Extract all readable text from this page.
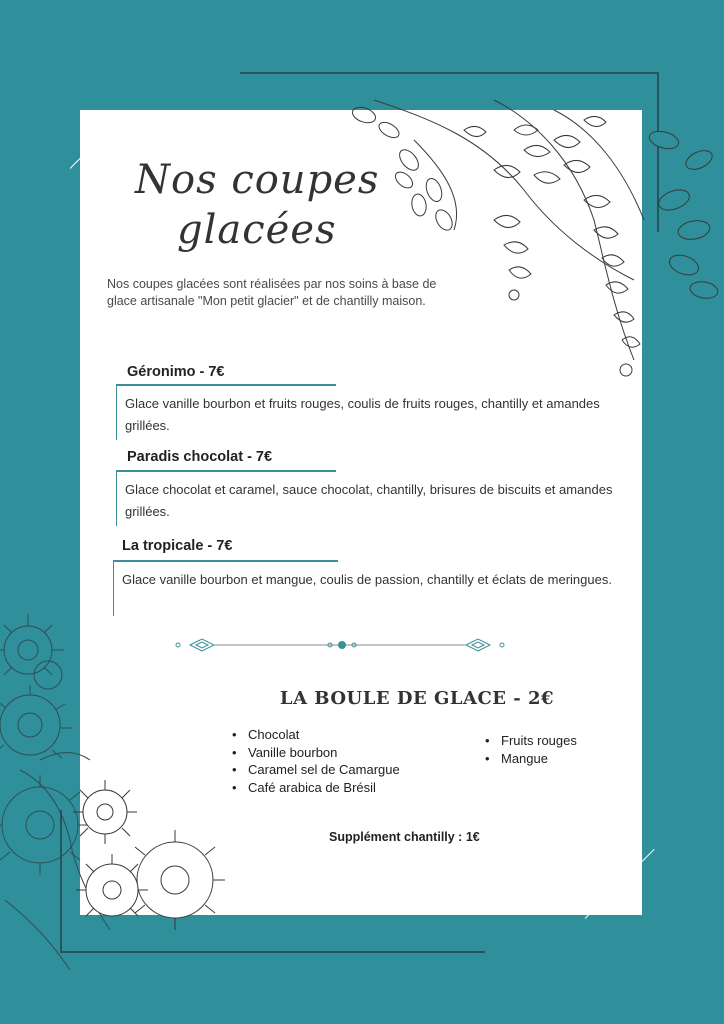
Nos coupes
glacées
Nos coupes glacées sont réalisées par nos soins à base de glace artisanale "Mon petit glacier" et de chantilly maison.
Géronimo - 7€
Glace vanille bourbon et fruits rouges, coulis de fruits rouges, chantilly et amandes grillées.
Paradis chocolat - 7€
Glace chocolat et caramel, sauce chocolat, chantilly, brisures de biscuits et amandes grillées.
La tropicale - 7€
Glace vanille bourbon et mangue, coulis de passion, chantilly et éclats de meringues.
LA BOULE DE GLACE - 2€
• Chocolat
• Vanille bourbon
• Caramel sel de Camargue
• Café arabica de Brésil
• Fruits rouges
• Mangue
Supplément chantilly : 1€
